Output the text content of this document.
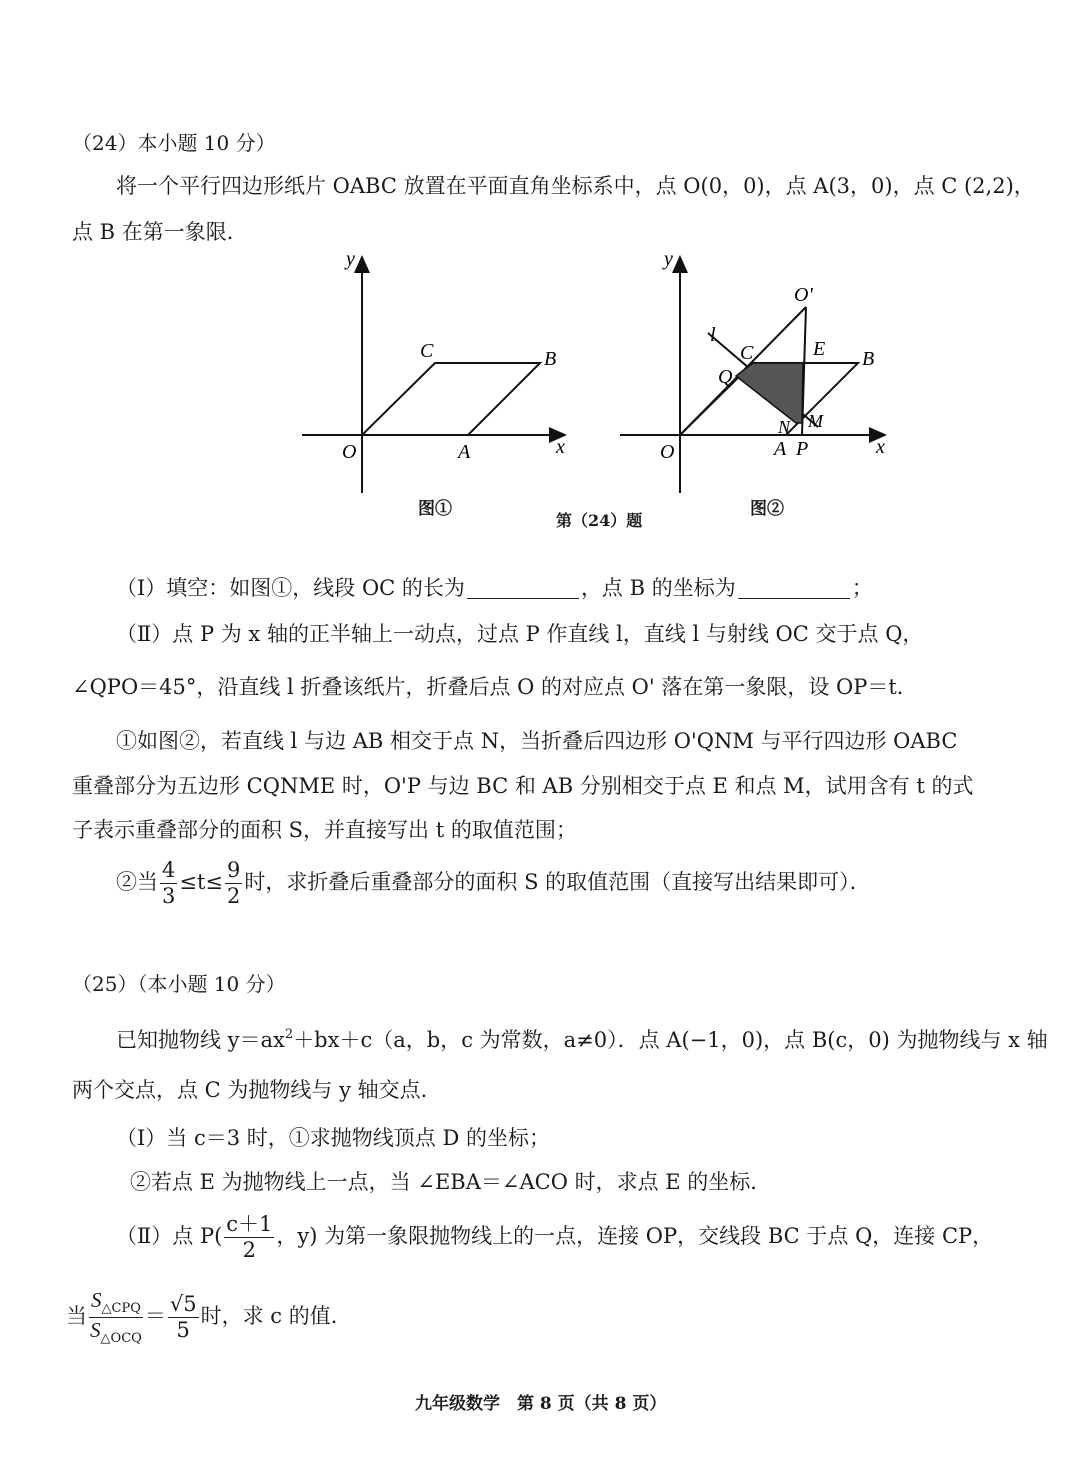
（24）本小题 10 分）
将一个平行四边形纸片 OABC 放置在平面直角坐标系中，点 O(0，0)，点 A(3，0)，点 C (2,2)，
点 B 在第一象限．
y
x
O	A
B
C
图①
y
x
O
O'
l
C	E B
Q
N M
A P
图②
第（24）题
（Ⅰ）填空：如图①，线段 OC 的长为	，点 B 的坐标为	；
（Ⅱ）点 P 为 x 轴的正半轴上一动点，过点 P 作直线 l，直线 l 与射线 OC 交于点 Q，
∠QPO＝45°，沿直线 l 折叠该纸片，折叠后点 O 的对应点 O' 落在第一象限，设 OP＝t．
①如图②，若直线 l 与边 AB 相交于点 N，当折叠后四边形 O'QNM 与平行四边形 OABC
重叠部分为五边形 CQNME 时，O'P 与边 BC 和 AB 分别相交于点 E 和点 M，试用含有 t 的式
子表示重叠部分的面积 S，并直接写出 t 的取值范围；
②当 $\frac{4}{3} \le t\le \frac{9}{2}$ 时，求折叠后重叠部分的面积 S 的取值范围（直接写出结果即可）．
（25）（本小题 10 分）
已知抛物线 $y=ax^2+bx+c(a$，b，c 为常数，a≠0）．点 A(−1，0)，点 B(c，0) 为抛物线与 x 轴
两个交点，点 C 为抛物线与 y 轴交点．
（Ⅰ）当 c＝3 时，①求抛物线顶点 D 的坐标；
②若点 E 为抛物线上一点，当 ∠EBA＝∠ACO 时，求点 E 的坐标．
（Ⅱ）点 $P( \frac{c+1}{2}$ ，y) 为第一象限抛物线上的一点，连接 OP，交线段 BC 于点 Q，连接 CP，
当 $\frac{S_{\triangle CPQ}}{S_{\triangle OCQ}} = \frac{√5}{5}$ 时，求 c 的值．
九年级数学　第 8 页（共 8 页）
